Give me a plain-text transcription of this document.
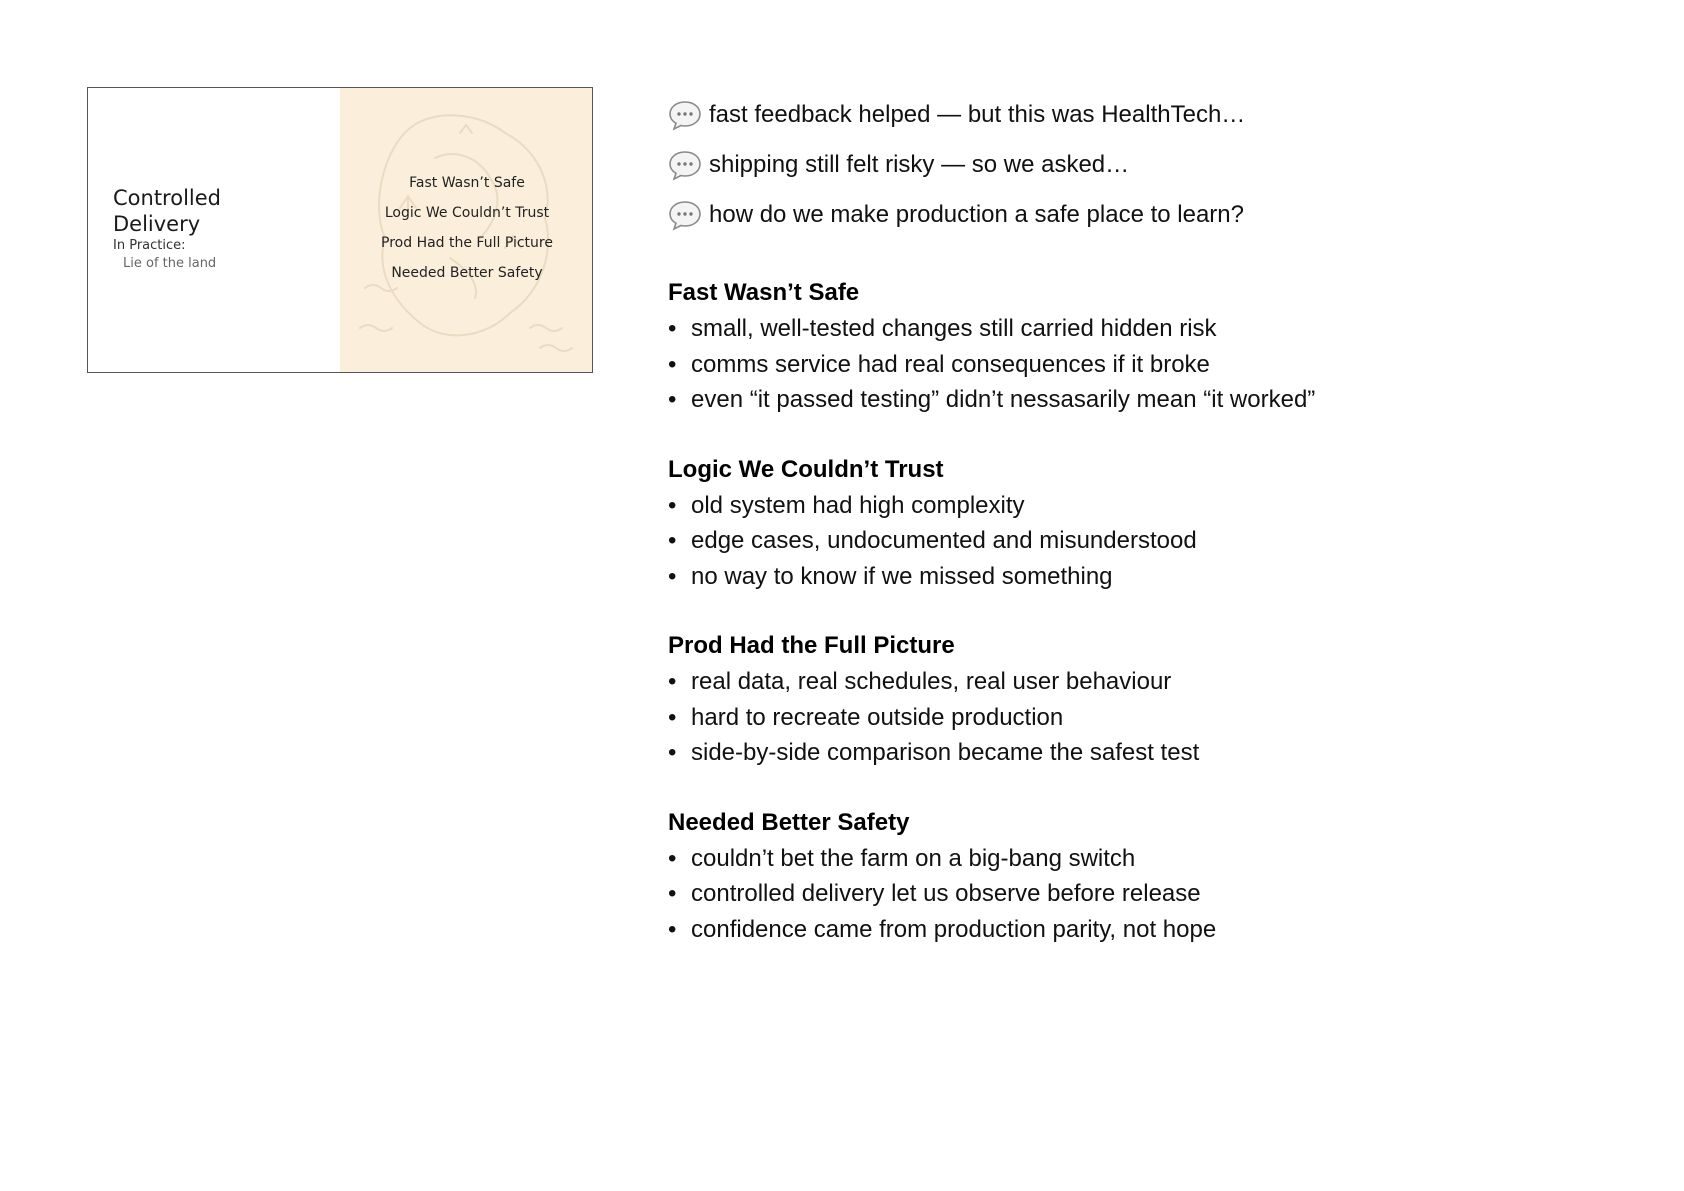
Controlled
Delivery
In Practice:
Lie of the land
Fast Wasn’t Safe
Logic We Couldn’t Trust
Prod Had the Full Picture
Needed Better Safety
fast feedback helped — but this was HealthTech…
shipping still felt risky — so we asked…
how do we make production a safe place to learn?
Fast Wasn’t Safe
• small, well-tested changes still carried hidden risk
• comms service had real consequences if it broke
• even “it passed testing” didn’t nessasarily mean “it worked”
Logic We Couldn’t Trust
• old system had high complexity
• edge cases, undocumented and misunderstood
• no way to know if we missed something
Prod Had the Full Picture
• real data, real schedules, real user behaviour
• hard to recreate outside production
• side-by-side comparison became the safest test
Needed Better Safety
• couldn’t bet the farm on a big-bang switch
• controlled delivery let us observe before release
• confidence came from production parity, not hope
